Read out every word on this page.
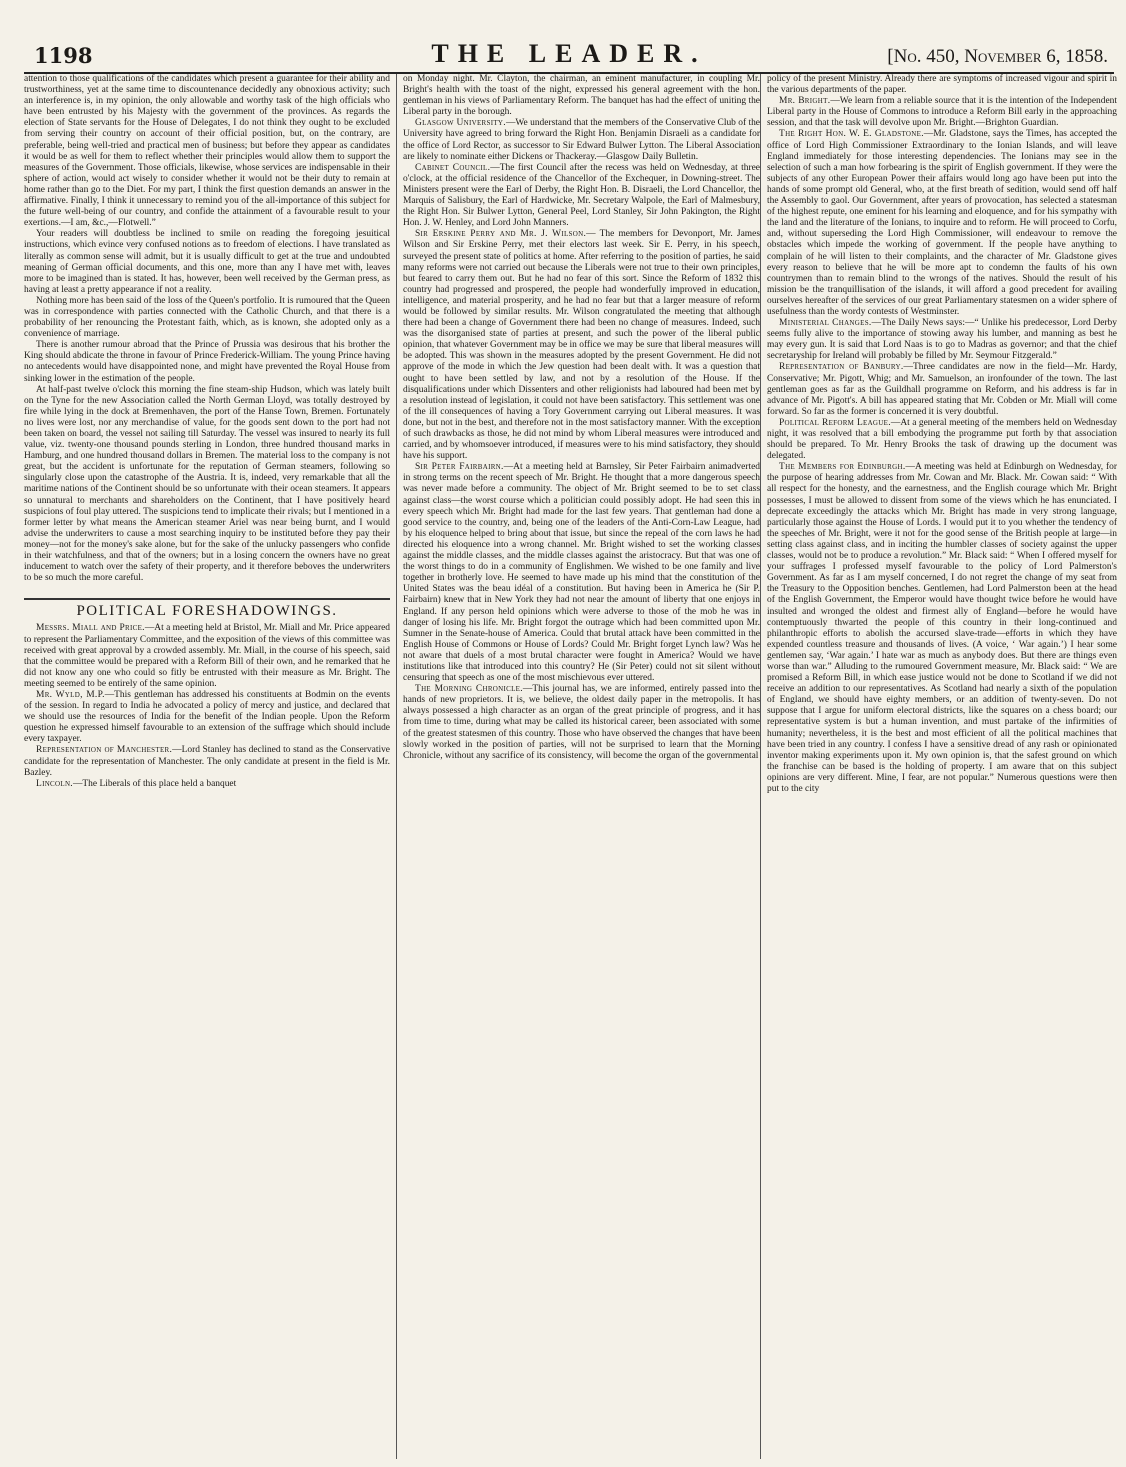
1198	THE LEADER.	[No. 450, November 6, 1858.

attention to those qualifications of the candidates which present a guarantee for their ability and trustworthiness, yet at the same time to discountenance decidedly any obnoxious activity; such an interference is, in my opinion, the only allowable and worthy task of the high officials who have been entrusted by his Majesty with the government of the provinces. As regards the election of State servants for the House of Delegates, I do not think they ought to be excluded from serving their country on account of their official position, but, on the contrary, are preferable, being well-tried and practical men of business; but before they appear as candidates it would be as well for them to reflect whether their principles would allow them to support the measures of the Government. Those officials, likewise, whose services are indispensable in their sphere of action, would act wisely to consider whether it would not be their duty to remain at home rather than go to the Diet. For my part, I think the first question demands an answer in the affirmative. Finally, I think it unnecessary to remind you of the all-importance of this subject for the future well-being of our country, and confide the attainment of a favourable result to your exertions.—I am, &c.,—Flotwell.”

Your readers will doubtless be inclined to smile on reading the foregoing jesuitical instructions, which evince very confused notions as to freedom of elections. I have translated as literally as common sense will admit, but it is usually difficult to get at the true and undoubted meaning of German official documents, and this one, more than any I have met with, leaves more to be imagined than is stated. It has, however, been well received by the German press, as having at least a pretty appearance if not a reality.

Nothing more has been said of the loss of the Queen's portfolio. It is rumoured that the Queen was in correspondence with parties connected with the Catholic Church, and that there is a probability of her renouncing the Protestant faith, which, as is known, she adopted only as a convenience of marriage.

There is another rumour abroad that the Prince of Prussia was desirous that his brother the King should abdicate the throne in favour of Prince Frederick-William. The young Prince having no antecedents would have disappointed none, and might have prevented the Royal House from sinking lower in the estimation of the people.

At half-past twelve o'clock this morning the fine steam-ship Hudson, which was lately built on the Tyne for the new Association called the North German Lloyd, was totally destroyed by fire while lying in the dock at Bremenhaven, the port of the Hanse Town, Bremen. Fortunately no lives were lost, nor any merchandise of value, for the goods sent down to the port had not been taken on board, the vessel not sailing till Saturday. The vessel was insured to nearly its full value, viz. twenty-one thousand pounds sterling in London, three hundred thousand marks in Hamburg, and one hundred thousand dollars in Bremen. The material loss to the company is not great, but the accident is unfortunate for the reputation of German steamers, following so singularly close upon the catastrophe of the Austria. It is, indeed, very remarkable that all the maritime nations of the Continent should be so unfortunate with their ocean steamers. It appears so unnatural to merchants and shareholders on the Continent, that I have positively heard suspicions of foul play uttered. The suspicions tend to implicate their rivals; but I mentioned in a former letter by what means the American steamer Ariel was near being burnt, and I would advise the underwriters to cause a most searching inquiry to be instituted before they pay their money—not for the money's sake alone, but for the sake of the unlucky passengers who confide in their watchfulness, and that of the owners; but in a losing concern the owners have no great inducement to watch over the safety of their property, and it therefore beboves the underwriters to be so much the more careful.

POLITICAL FORESHADOWINGS.

Messrs. Miall and Price.—At a meeting held at Bristol, Mr. Miall and Mr. Price appeared to represent the Parliamentary Committee, and the exposition of the views of this committee was received with great approval by a crowded assembly. Mr. Miall, in the course of his speech, said that the committee would be prepared with a Reform Bill of their own, and he remarked that he did not know any one who could so fitly be entrusted with their measure as Mr. Bright. The meeting seemed to be entirely of the same opinion.

Mr. Wyld, M.P.—This gentleman has addressed his constituents at Bodmin on the events of the session. In regard to India he advocated a policy of mercy and justice, and declared that we should use the resources of India for the benefit of the Indian people. Upon the Reform question he expressed himself favourable to an extension of the suffrage which should include every taxpayer.

Representation of Manchester.—Lord Stanley has declined to stand as the Conservative candidate for the representation of Manchester. The only candidate at present in the field is Mr. Bazley.

Lincoln.—The Liberals of this place held a banquet

on Monday night. Mr. Clayton, the chairman, an eminent manufacturer, in coupling Mr. Bright's health with the toast of the night, expressed his general agreement with the hon. gentleman in his views of Parliamentary Reform. The banquet has had the effect of uniting the Liberal party in the borough.

Glasgow University.—We understand that the members of the Conservative Club of the University have agreed to bring forward the Right Hon. Benjamin Disraeli as a candidate for the office of Lord Rector, as successor to Sir Edward Bulwer Lytton. The Liberal Association are likely to nominate either Dickens or Thackeray.—Glasgow Daily Bulletin.

Cabinet Council.—The first Council after the recess was held on Wednesday, at three o'clock, at the official residence of the Chancellor of the Exchequer, in Downing-street. The Ministers present were the Earl of Derby, the Right Hon. B. Disraeli, the Lord Chancellor, the Marquis of Salisbury, the Earl of Hardwicke, Mr. Secretary Walpole, the Earl of Malmesbury, the Right Hon. Sir Bulwer Lytton, General Peel, Lord Stanley, Sir John Pakington, the Right Hon. J. W. Henley, and Lord John Manners.

Sir Erskine Perry and Mr. J. Wilson.— The members for Devonport, Mr. James Wilson and Sir Erskine Perry, met their electors last week. Sir E. Perry, in his speech, surveyed the present state of politics at home. After referring to the position of parties, he said many reforms were not carried out because the Liberals were not true to their own principles, but feared to carry them out. But he had no fear of this sort. Since the Reform of 1832 this country had progressed and prospered, the people had wonderfully improved in education, intelligence, and material prosperity, and he had no fear but that a larger measure of reform would be followed by similar results. Mr. Wilson congratulated the meeting that although there had been a change of Government there had been no change of measures. Indeed, such was the disorganised state of parties at present, and such the power of the liberal public opinion, that whatever Government may be in office we may be sure that liberal measures will be adopted. This was shown in the measures adopted by the present Government. He did not approve of the mode in which the Jew question had been dealt with. It was a question that ought to have been settled by law, and not by a resolution of the House. If the disqualifications under which Dissenters and other religionists had laboured had been met by a resolution instead of legislation, it could not have been satisfactory. This settlement was one of the ill consequences of having a Tory Government carrying out Liberal measures. It was done, but not in the best, and therefore not in the most satisfactory manner. With the exception of such drawbacks as those, he did not mind by whom Liberal measures were introduced and carried, and by whomsoever introduced, if measures were to his mind satisfactory, they should have his support.

Sir Peter Fairbairn.—At a meeting held at Barnsley, Sir Peter Fairbairn animadverted in strong terms on the recent speech of Mr. Bright. He thought that a more dangerous speech was never made before a community. The object of Mr. Bright seemed to be to set class against class—the worst course which a politician could possibly adopt. He had seen this in every speech which Mr. Bright had made for the last few years. That gentleman had done a good service to the country, and, being one of the leaders of the Anti-Corn-Law League, had by his eloquence helped to bring about that issue, but since the repeal of the corn laws he had directed his eloquence into a wrong channel. Mr. Bright wished to set the working classes against the middle classes, and the middle classes against the aristocracy. But that was one of the worst things to do in a community of Englishmen. We wished to be one family and live together in brotherly love. He seemed to have made up his mind that the constitution of the United States was the beau idéal of a constitution. But having been in America he (Sir P. Fairbairn) knew that in New York they had not near the amount of liberty that one enjoys in England. If any person held opinions which were adverse to those of the mob he was in danger of losing his life. Mr. Bright forgot the outrage which had been committed upon Mr. Sumner in the Senate-house of America. Could that brutal attack have been committed in the English House of Commons or House of Lords? Could Mr. Bright forget Lynch law? Was he not aware that duels of a most brutal character were fought in America? Would we have institutions like that introduced into this country? He (Sir Peter) could not sit silent without censuring that speech as one of the most mischievous ever uttered.

The Morning Chronicle.—This journal has, we are informed, entirely passed into the hands of new proprietors. It is, we believe, the oldest daily paper in the metropolis. It has always possessed a high character as an organ of the great principle of progress, and it has from time to time, during what may be called its historical career, been associated with some of the greatest statesmen of this country. Those who have observed the changes that have been slowly worked in the position of parties, will not be surprised to learn that the Morning Chronicle, without any sacrifice of its consistency, will become the organ of the governmental

policy of the present Ministry. Already there are symptoms of increased vigour and spirit in the various departments of the paper.

Mr. Bright.—We learn from a reliable source that it is the intention of the Independent Liberal party in the House of Commons to introduce a Reform Bill early in the approaching session, and that the task will devolve upon Mr. Bright.—Brighton Guardian.

The Right Hon. W. E. Gladstone.—Mr. Gladstone, says the Times, has accepted the office of Lord High Commissioner Extraordinary to the Ionian Islands, and will leave England immediately for those interesting dependencies. The Ionians may see in the selection of such a man how forbearing is the spirit of English government. If they were the subjects of any other European Power their affairs would long ago have been put into the hands of some prompt old General, who, at the first breath of sedition, would send off half the Assembly to gaol. Our Government, after years of provocation, has selected a statesman of the highest repute, one eminent for his learning and eloquence, and for his sympathy with the land and the literature of the Ionians, to inquire and to reform. He will proceed to Corfu, and, without superseding the Lord High Commissioner, will endeavour to remove the obstacles which impede the working of government. If the people have anything to complain of he will listen to their complaints, and the character of Mr. Gladstone gives every reason to believe that he will be more apt to condemn the faults of his own countrymen than to remain blind to the wrongs of the natives. Should the result of his mission be the tranquillisation of the islands, it will afford a good precedent for availing ourselves hereafter of the services of our great Parliamentary statesmen on a wider sphere of usefulness than the wordy contests of Westminster.

Ministerial Changes.—The Daily News says:—“ Unlike his predecessor, Lord Derby seems fully alive to the importance of stowing away his lumber, and manning as best he may every gun. It is said that Lord Naas is to go to Madras as governor; and that the chief secretaryship for Ireland will probably be filled by Mr. Seymour Fitzgerald.”

Representation of Banbury.—Three candidates are now in the field—Mr. Hardy, Conservative; Mr. Pigott, Whig; and Mr. Samuelson, an ironfounder of the town. The last gentleman goes as far as the Guildhall programme on Reform, and his address is far in advance of Mr. Pigott's. A bill has appeared stating that Mr. Cobden or Mr. Miall will come forward. So far as the former is concerned it is very doubtful.

Political Reform League.—At a general meeting of the members held on Wednesday night, it was resolved that a bill embodying the programme put forth by that association should be prepared. To Mr. Henry Brooks the task of drawing up the document was delegated.

The Members for Edinburgh.—A meeting was held at Edinburgh on Wednesday, for the purpose of hearing addresses from Mr. Cowan and Mr. Black. Mr. Cowan said: “ With all respect for the honesty, and the earnestness, and the English courage which Mr. Bright possesses, I must be allowed to dissent from some of the views which he has enunciated. I deprecate exceedingly the attacks which Mr. Bright has made in very strong language, particularly those against the House of Lords. I would put it to you whether the tendency of the speeches of Mr. Bright, were it not for the good sense of the British people at large—in setting class against class, and in inciting the humbler classes of society against the upper classes, would not be to produce a revolution.” Mr. Black said: “ When I offered myself for your suffrages I professed myself favourable to the policy of Lord Palmerston's Government. As far as I am myself concerned, I do not regret the change of my seat from the Treasury to the Opposition benches. Gentlemen, had Lord Palmerston been at the head of the English Government, the Emperor would have thought twice before he would have insulted and wronged the oldest and firmest ally of England—before he would have contemptuously thwarted the people of this country in their long-continued and philanthropic efforts to abolish the accursed slave-trade—efforts in which they have expended countless treasure and thousands of lives. (A voice, ‘ War again.’) I hear some gentlemen say, ‘War again.’ I hate war as much as anybody does. But there are things even worse than war.” Alluding to the rumoured Government measure, Mr. Black said: “ We are promised a Reform Bill, in which ease justice would not be done to Scotland if we did not receive an addition to our representatives. As Scotland had nearly a sixth of the population of England, we should have eighty members, or an addition of twenty-seven. Do not suppose that I argue for uniform electoral districts, like the squares on a chess board; our representative system is but a human invention, and must partake of the infirmities of humanity; nevertheless, it is the best and most efficient of all the political machines that have been tried in any country. I confess I have a sensitive dread of any rash or opinionated inventor making experiments upon it. My own opinion is, that the safest ground on which the franchise can be based is the holding of property. I am aware that on this subject opinions are very different. Mine, I fear, are not popular.” Numerous questions were then put to the city
